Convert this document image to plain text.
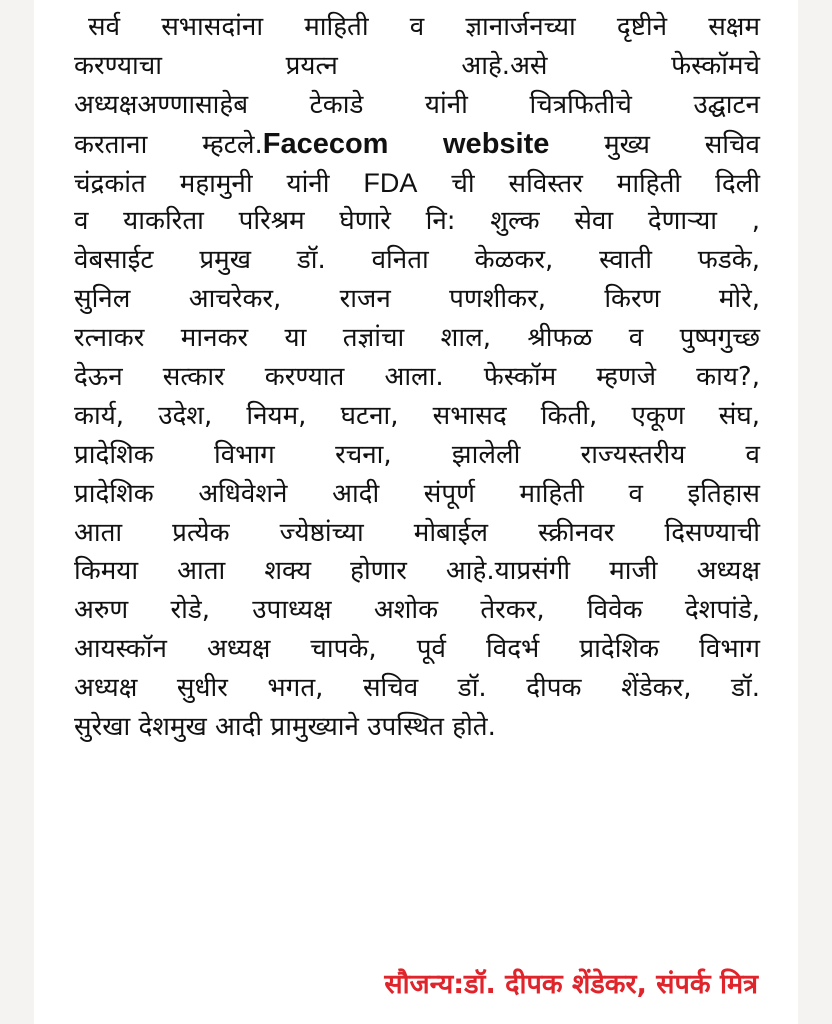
सर्व सभासदांना माहिती व ज्ञानार्जनच्या दृष्टीने सक्षम
करण्याचा प्रयत्न आहे.असे फेस्कॉमचे
अध्यक्षअण्णासाहेब टेकाडे यांनी चित्रफितीचे उद्घाटन
करताना म्हटले.Facecom website मुख्य सचिव
चंद्रकांत महामुनी यांनी FDA ची सविस्तर माहिती दिली
व याकरिता परिश्रम घेणारे नि: शुल्क सेवा देणाऱ्या ,
वेबसाईट प्रमुख डॉ. वनिता केळकर, स्वाती फडके,
सुनिल आचरेकर, राजन पणशीकर, किरण मोरे,
रत्नाकर मानकर या तज्ञांचा शाल, श्रीफळ व पुष्पगुच्छ
देऊन सत्कार करण्यात आला. फेस्कॉम म्हणजे काय?,
कार्य, उदेश, नियम, घटना, सभासद किती, एकूण संघ,
प्रादेशिक विभाग रचना, झालेली राज्यस्तरीय व
प्रादेशिक अधिवेशने आदी संपूर्ण माहिती व इतिहास
आता प्रत्येक ज्येष्ठांच्या मोबाईल स्क्रीनवर दिसण्याची
किमया आता शक्य होणार आहे.याप्रसंगी माजी अध्यक्ष
अरुण रोडे, उपाध्यक्ष अशोक तेरकर, विवेक देशपांडे,
आयस्कॉन अध्यक्ष चापके, पूर्व विदर्भ प्रादेशिक विभाग
अध्यक्ष सुधीर भगत, सचिव डॉ. दीपक शेंडेकर, डॉ.
सुरेखा देशमुख आदी प्रामुख्याने उपस्थित होते.
सौजन्य:डॉ. दीपक शेंडेकर, संपर्क मित्र
